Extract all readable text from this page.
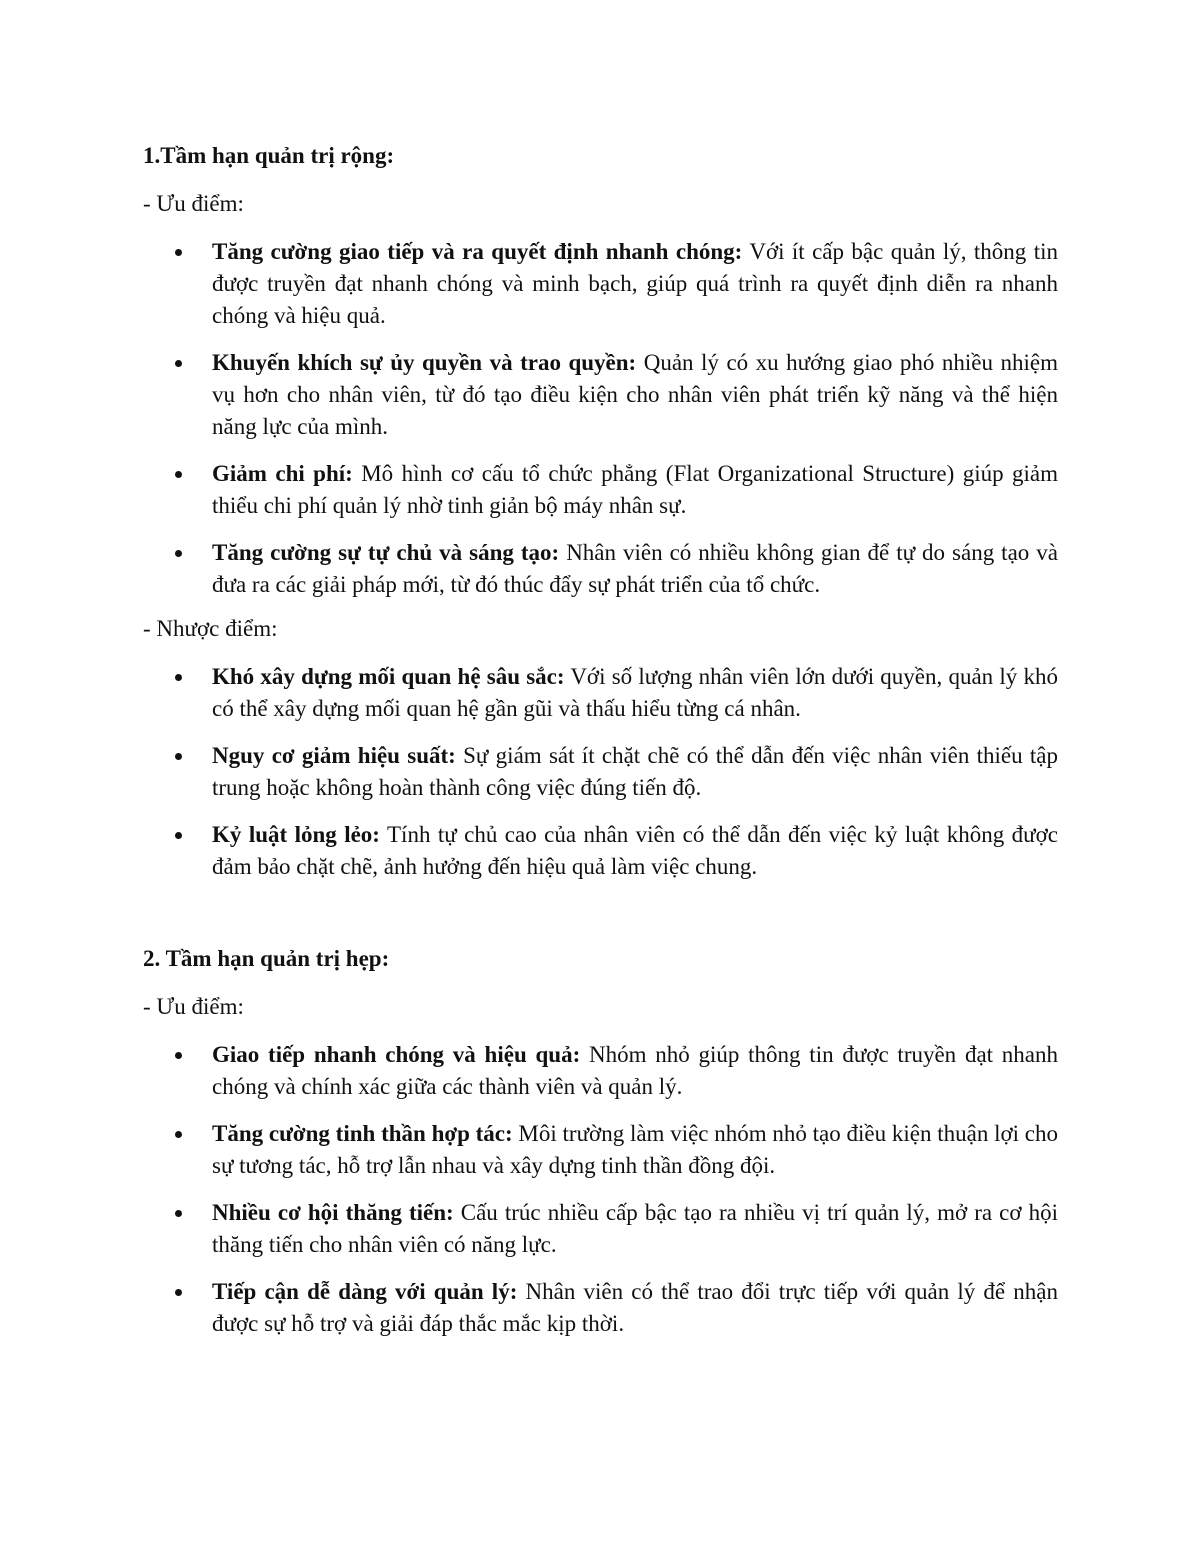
1.Tầm hạn quản trị rộng:

- Ưu điểm:

Tăng cường giao tiếp và ra quyết định nhanh chóng: Với ít cấp bậc quản lý, thông tin được truyền đạt nhanh chóng và minh bạch, giúp quá trình ra quyết định diễn ra nhanh chóng và hiệu quả.
Khuyến khích sự ủy quyền và trao quyền: Quản lý có xu hướng giao phó nhiều nhiệm vụ hơn cho nhân viên, từ đó tạo điều kiện cho nhân viên phát triển kỹ năng và thể hiện năng lực của mình.
Giảm chi phí: Mô hình cơ cấu tổ chức phẳng (Flat Organizational Structure) giúp giảm thiểu chi phí quản lý nhờ tinh giản bộ máy nhân sự.
Tăng cường sự tự chủ và sáng tạo: Nhân viên có nhiều không gian để tự do sáng tạo và đưa ra các giải pháp mới, từ đó thúc đẩy sự phát triển của tổ chức.

- Nhược điểm:

Khó xây dựng mối quan hệ sâu sắc: Với số lượng nhân viên lớn dưới quyền, quản lý khó có thể xây dựng mối quan hệ gần gũi và thấu hiểu từng cá nhân.
Nguy cơ giảm hiệu suất: Sự giám sát ít chặt chẽ có thể dẫn đến việc nhân viên thiếu tập trung hoặc không hoàn thành công việc đúng tiến độ.
Kỷ luật lỏng lẻo: Tính tự chủ cao của nhân viên có thể dẫn đến việc kỷ luật không được đảm bảo chặt chẽ, ảnh hưởng đến hiệu quả làm việc chung.

2. Tầm hạn quản trị hẹp:

- Ưu điểm:

Giao tiếp nhanh chóng và hiệu quả: Nhóm nhỏ giúp thông tin được truyền đạt nhanh chóng và chính xác giữa các thành viên và quản lý.
Tăng cường tinh thần hợp tác: Môi trường làm việc nhóm nhỏ tạo điều kiện thuận lợi cho sự tương tác, hỗ trợ lẫn nhau và xây dựng tinh thần đồng đội.
Nhiều cơ hội thăng tiến: Cấu trúc nhiều cấp bậc tạo ra nhiều vị trí quản lý, mở ra cơ hội thăng tiến cho nhân viên có năng lực.
Tiếp cận dễ dàng với quản lý: Nhân viên có thể trao đổi trực tiếp với quản lý để nhận được sự hỗ trợ và giải đáp thắc mắc kịp thời.
